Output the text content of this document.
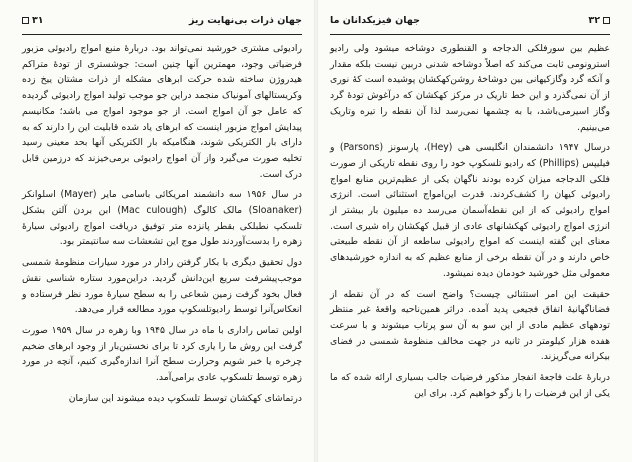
جهان ذرات بی‌نهایت ریز
۳۱

رادیوئی مشتری خورشید نمی‌تواند بود. دربارهٔ منبع امواج رادیوئی مزبور فرضیاتی وجود، مهمترین آنها چنین است: جوشستری از تودهٔ متراکم هیدروژن ساخته شده حرکت ابرهای مشکله از ذرات مشتان ییخ زده وکریستالهای آمونیاک منجمد دراین جو موجب تولید امواج رادیوئی گردیده که عامل جو آن امواج است. از جو موجود امواج می باشد؛ مکانیسم پیدایش امواج مزبور اینست که ابرهای یاد شده قابلیت این را دارند که به دارای بار الکتریکی شوند، هنگامیکه بار الکتریکی آنها بحد معینی رسید تخلیه صورت می‌گیرد واز آن امواج رادیوئی برمی‌خیزند که درزمین قابل درک است.

در سال ۱۹۵۶ سه دانشمند امریکائی باسامی مایر (Mayer) اسلوانکر (Sloanaker) مالک کالوگ (Mac culough) ابن بردن آلتن بشکل تلسکپ نطبلکی بقطر پانزده متر توفیق دریافت امواج رادیوئی سیارهٔ زهره را بدست‌آوردند طول موج این تشعشات سه سانتیمتر بود.

دول تحقیق دیگری با بکار گرفتن رادار در مورد سیارات منظومهٔ شمسی موجب‌پیشرفت سریع این‌دانش گردید. دراین‌مورد ستاره شناسی نقش فعال بخود گرفت زمین شعاعی را به سطح سیارهٔ مورد نظر فرستاده و انعکاس‌آنرا توسط رادیوتلسکوپ مورد مطالعه قرار می‌دهد.

اولین تماس راداری با ماه در سال ۱۹۴۵ وبا زهره در سال ۱۹۵۹ صورت گرفت این روش ما را یاری کرد تا برای نخستین‌بار از وجود ابرهای ضخیم چرخره یا خبر شویم وحرارت سطح آنرا اندازه‌گیری کنیم، آنچه در مورد زهره توسط تلسکوپ عادی برامی‌آمد.

درتماشای کهکشان توسط تلسکوپ دیده میشوند این سازمان

۳۲
جهان فیزیکدانان ما

عظیم بین سورفلکی الدجاجه و القنطوری دوشاخه میشود ولی رادیو استرونومی ثابت می‌کند که اصلاً دوشاخه شدنی دربین نیست بلکه مقدار و آنکه گرد وگازکیهانی بین دوشاخهٔ روشن‌کهکشان پوشیده است کهٔ نوری از آن نمی‌گذرد و این خط تاریک در مرکز کهکشان که درآغوش تودهٔ گرد وگاز اسیرمی‌باشد، با به چشمها نمی‌رسد لذا آن نقطه را تیره وتاریک می‌بینیم.

درسال ۱۹۴۷ دانشمندان انگلیسی هی (Hey)، پارسونز (Parsons) و فیلیپس (Phillips) که رادیو تلسکوپ خود را روی نقطه تاریکی از صورت فلکی الدجاجه میزان کرده بودند ناگهان یکی از عظیم‌ترین منابع امواج رادیوئی کیهان را کشف‌کردند. قدرت این‌امواج استثنائی است. انرژی امواج رادیوئی که از این نقطه‌آسمان می‌رسد ده میلیون بار بیشتر از انرژی امواج رادیوئی کهکشانهای عادی از قبیل کهکشان راه شیری است. معنای این گفته اینست که امواج رادیوئی ساطعه از آن نقطه طبیعتی خاص دارند و در آن نقطه برخی از منابع عظیم که به اندازه خورشیدهای معمولی مثل خورشید خودمان دیده نمیشود.

حقیقت این امر استثنائی چیست؟ واضح است که در آن نقطه از فضاناگهانیهٔ اتفاق فجیعی پدید آمده. دراثر همین‌ناحیه واقعهٔ غیر منتظر تودههای عظیم مادی از این سو به آن سو پرتاب میشوند و با سرعت هفده هزار کیلومتر در ثانیه در جهت مخالف منظومهٔ شمسی در فضای بیکرانه می‌گریزند.

دربارهٔ علت فاجعهٔ انفجار مذکور فرضیات جالب بسیاری ارائه شده که ما یکی از این فرضیات را با زگو خواهیم کرد. برای این
